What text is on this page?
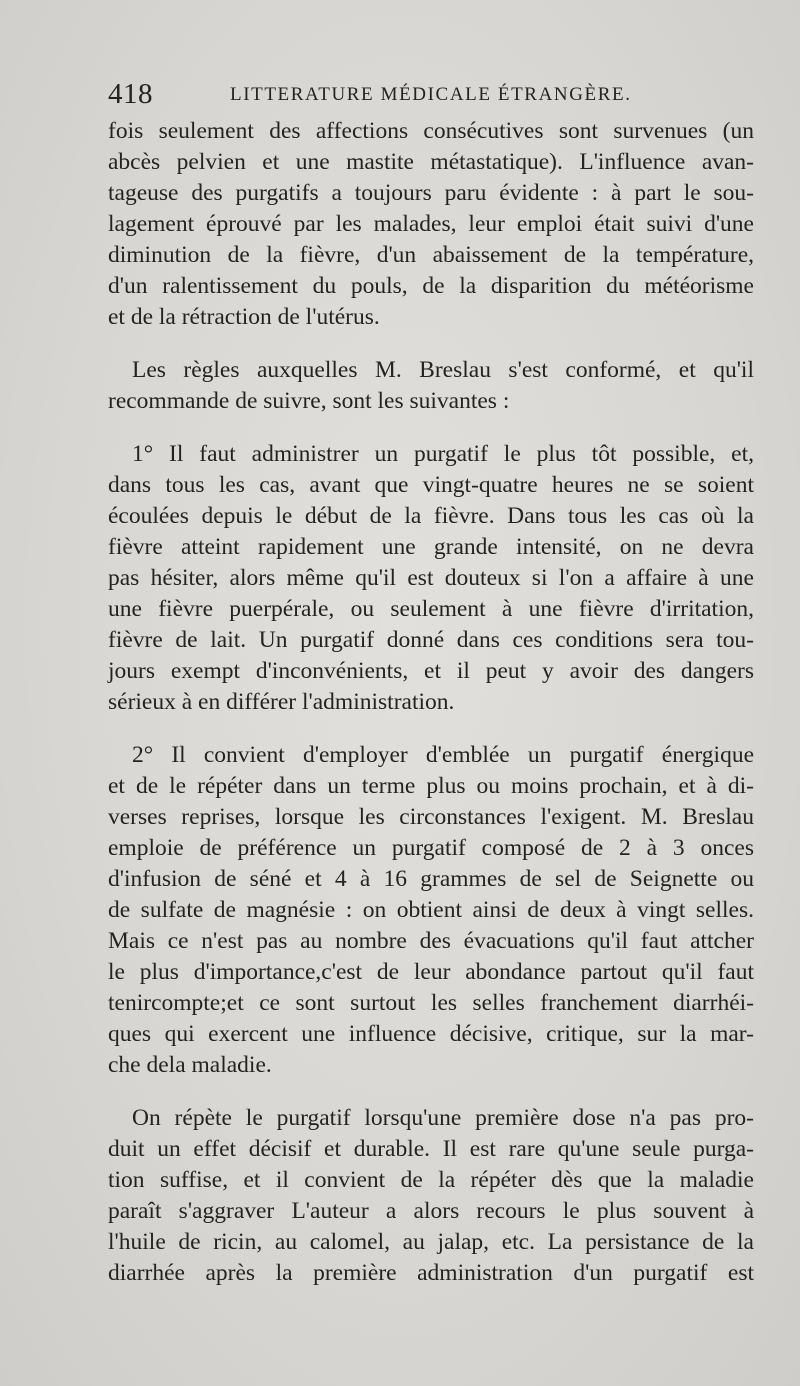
418	LITTERATURE MÉDICALE ÉTRANGÈRE.
fois seulement des affections consécutives sont survenues (un
abcès pelvien et une mastite métastatique). L'influence avan-
tageuse des purgatifs a toujours paru évidente : à part le sou-
lagement éprouvé par les malades, leur emploi était suivi d'une
diminution de la fièvre, d'un abaissement de la température,
d'un ralentissement du pouls, de la disparition du météorisme
et de la rétraction de l'utérus.
Les règles auxquelles M. Breslau s'est conformé, et qu'il
recommande de suivre, sont les suivantes :
1° Il faut administrer un purgatif le plus tôt possible, et,
dans tous les cas, avant que vingt-quatre heures ne se soient
écoulées depuis le début de la fièvre. Dans tous les cas où la
fièvre atteint rapidement une grande intensité, on ne devra
pas hésiter, alors même qu'il est douteux si l'on a affaire à une
une fièvre puerpérale, ou seulement à une fièvre d'irritation,
fièvre de lait. Un purgatif donné dans ces conditions sera tou-
jours exempt d'inconvénients, et il peut y avoir des dangers
sérieux à en différer l'administration.
2° Il convient d'employer d'emblée un purgatif énergique
et de le répéter dans un terme plus ou moins prochain, et à di-
verses reprises, lorsque les circonstances l'exigent. M. Breslau
emploie de préférence un purgatif composé de 2 à 3 onces
d'infusion de séné et 4 à 16 grammes de sel de Seignette ou
de sulfate de magnésie : on obtient ainsi de deux à vingt selles.
Mais ce n'est pas au nombre des évacuations qu'il faut attcher
le plus d'importance,c'est de leur abondance partout qu'il faut
tenircompte;et ce sont surtout les selles franchement diarrhéi-
ques qui exercent une influence décisive, critique, sur la mar-
che dela maladie.
On répète le purgatif lorsqu'une première dose n'a pas pro-
duit un effet décisif et durable. Il est rare qu'une seule purga-
tion suffise, et il convient de la répéter dès que la maladie
paraît s'aggraver L'auteur a alors recours le plus souvent à
l'huile de ricin, au calomel, au jalap, etc. La persistance de la
diarrhée après la première administration d'un purgatif est
